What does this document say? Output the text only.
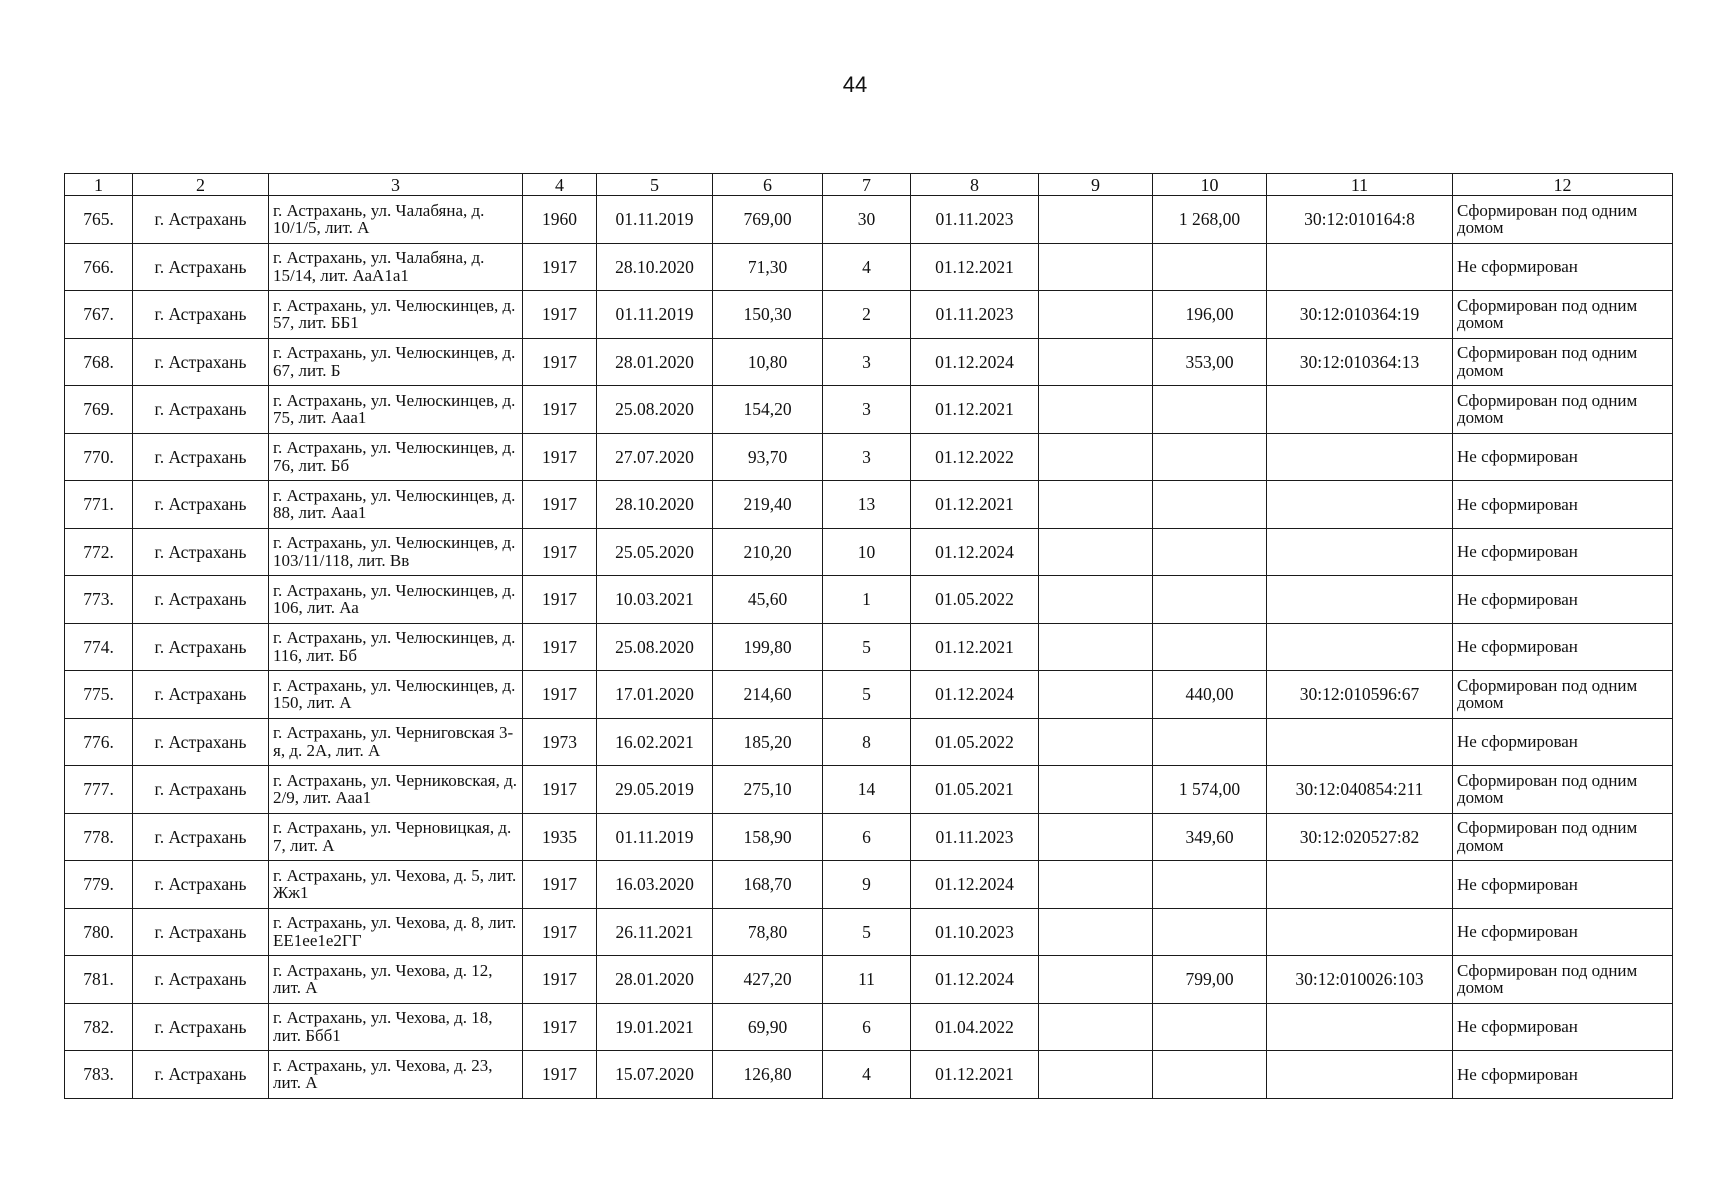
44
1	2	3	4	5	6	7	8	9	10	11	12
765.	г. Астрахань	г. Астрахань, ул. Чалабяна, д. 10/1/5, лит. А	1960	01.11.2019	769,00	30	01.11.2023		1 268,00	30:12:010164:8	Сформирован под одним домом
766.	г. Астрахань	г. Астрахань, ул. Чалабяна, д. 15/14, лит. АаА1а1	1917	28.10.2020	71,30	4	01.12.2021				Не сформирован
767.	г. Астрахань	г. Астрахань, ул. Челюскинцев, д. 57, лит. ББ1	1917	01.11.2019	150,30	2	01.11.2023		196,00	30:12:010364:19	Сформирован под одним домом
768.	г. Астрахань	г. Астрахань, ул. Челюскинцев, д. 67, лит. Б	1917	28.01.2020	10,80	3	01.12.2024		353,00	30:12:010364:13	Сформирован под одним домом
769.	г. Астрахань	г. Астрахань, ул. Челюскинцев, д. 75, лит. Ааа1	1917	25.08.2020	154,20	3	01.12.2021				Сформирован под одним домом
770.	г. Астрахань	г. Астрахань, ул. Челюскинцев, д. 76, лит. Бб	1917	27.07.2020	93,70	3	01.12.2022				Не сформирован
771.	г. Астрахань	г. Астрахань, ул. Челюскинцев, д. 88, лит. Ааа1	1917	28.10.2020	219,40	13	01.12.2021				Не сформирован
772.	г. Астрахань	г. Астрахань, ул. Челюскинцев, д. 103/11/118, лит. Вв	1917	25.05.2020	210,20	10	01.12.2024				Не сформирован
773.	г. Астрахань	г. Астрахань, ул. Челюскинцев, д. 106, лит. Аа	1917	10.03.2021	45,60	1	01.05.2022				Не сформирован
774.	г. Астрахань	г. Астрахань, ул. Челюскинцев, д. 116, лит. Бб	1917	25.08.2020	199,80	5	01.12.2021				Не сформирован
775.	г. Астрахань	г. Астрахань, ул. Челюскинцев, д. 150, лит. А	1917	17.01.2020	214,60	5	01.12.2024		440,00	30:12:010596:67	Сформирован под одним домом
776.	г. Астрахань	г. Астрахань, ул. Черниговская 3-я, д. 2А, лит. А	1973	16.02.2021	185,20	8	01.05.2022				Не сформирован
777.	г. Астрахань	г. Астрахань, ул. Черниковская, д. 2/9, лит. Ааа1	1917	29.05.2019	275,10	14	01.05.2021		1 574,00	30:12:040854:211	Сформирован под одним домом
778.	г. Астрахань	г. Астрахань, ул. Черновицкая, д. 7, лит. А	1935	01.11.2019	158,90	6	01.11.2023		349,60	30:12:020527:82	Сформирован под одним домом
779.	г. Астрахань	г. Астрахань, ул. Чехова, д. 5, лит. Жж1	1917	16.03.2020	168,70	9	01.12.2024				Не сформирован
780.	г. Астрахань	г. Астрахань, ул. Чехова, д. 8, лит. ЕЕ1ее1е2ГГ	1917	26.11.2021	78,80	5	01.10.2023				Не сформирован
781.	г. Астрахань	г. Астрахань, ул. Чехова, д. 12, лит. А	1917	28.01.2020	427,20	11	01.12.2024		799,00	30:12:010026:103	Сформирован под одним домом
782.	г. Астрахань	г. Астрахань, ул. Чехова, д. 18, лит. Ббб1	1917	19.01.2021	69,90	6	01.04.2022				Не сформирован
783.	г. Астрахань	г. Астрахань, ул. Чехова, д. 23, лит. А	1917	15.07.2020	126,80	4	01.12.2021				Не сформирован
